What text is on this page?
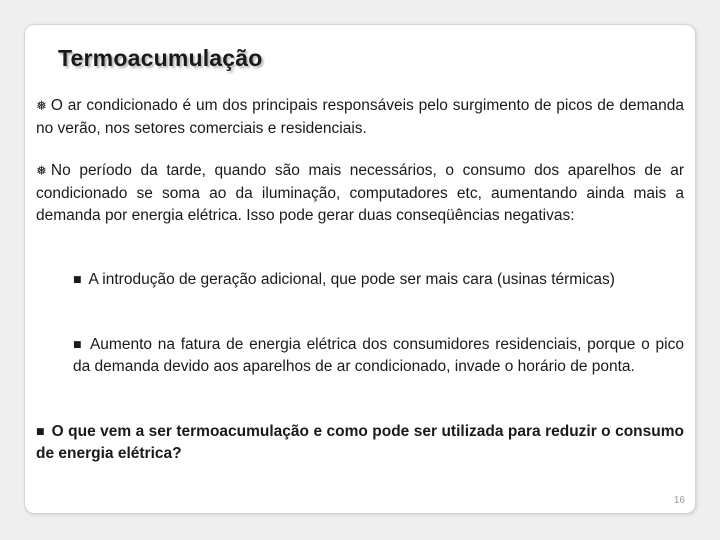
Termoacumulação
❅ O ar condicionado é um dos principais responsáveis pelo surgimento de picos de demanda no verão, nos setores comerciais e residenciais.
❅ No período da tarde, quando são mais necessários, o consumo dos aparelhos de ar condicionado se soma ao da iluminação, computadores etc, aumentando ainda mais a demanda por energia elétrica. Isso pode gerar duas conseqüências negativas:
■ A introdução de geração adicional, que pode ser mais cara (usinas térmicas)
■ Aumento na fatura de energia elétrica dos consumidores residenciais, porque o pico da demanda devido aos aparelhos de ar condicionado, invade o horário de ponta.
■ O que vem a ser termoacumulação e como pode ser utilizada para reduzir o consumo de energia elétrica?
16
